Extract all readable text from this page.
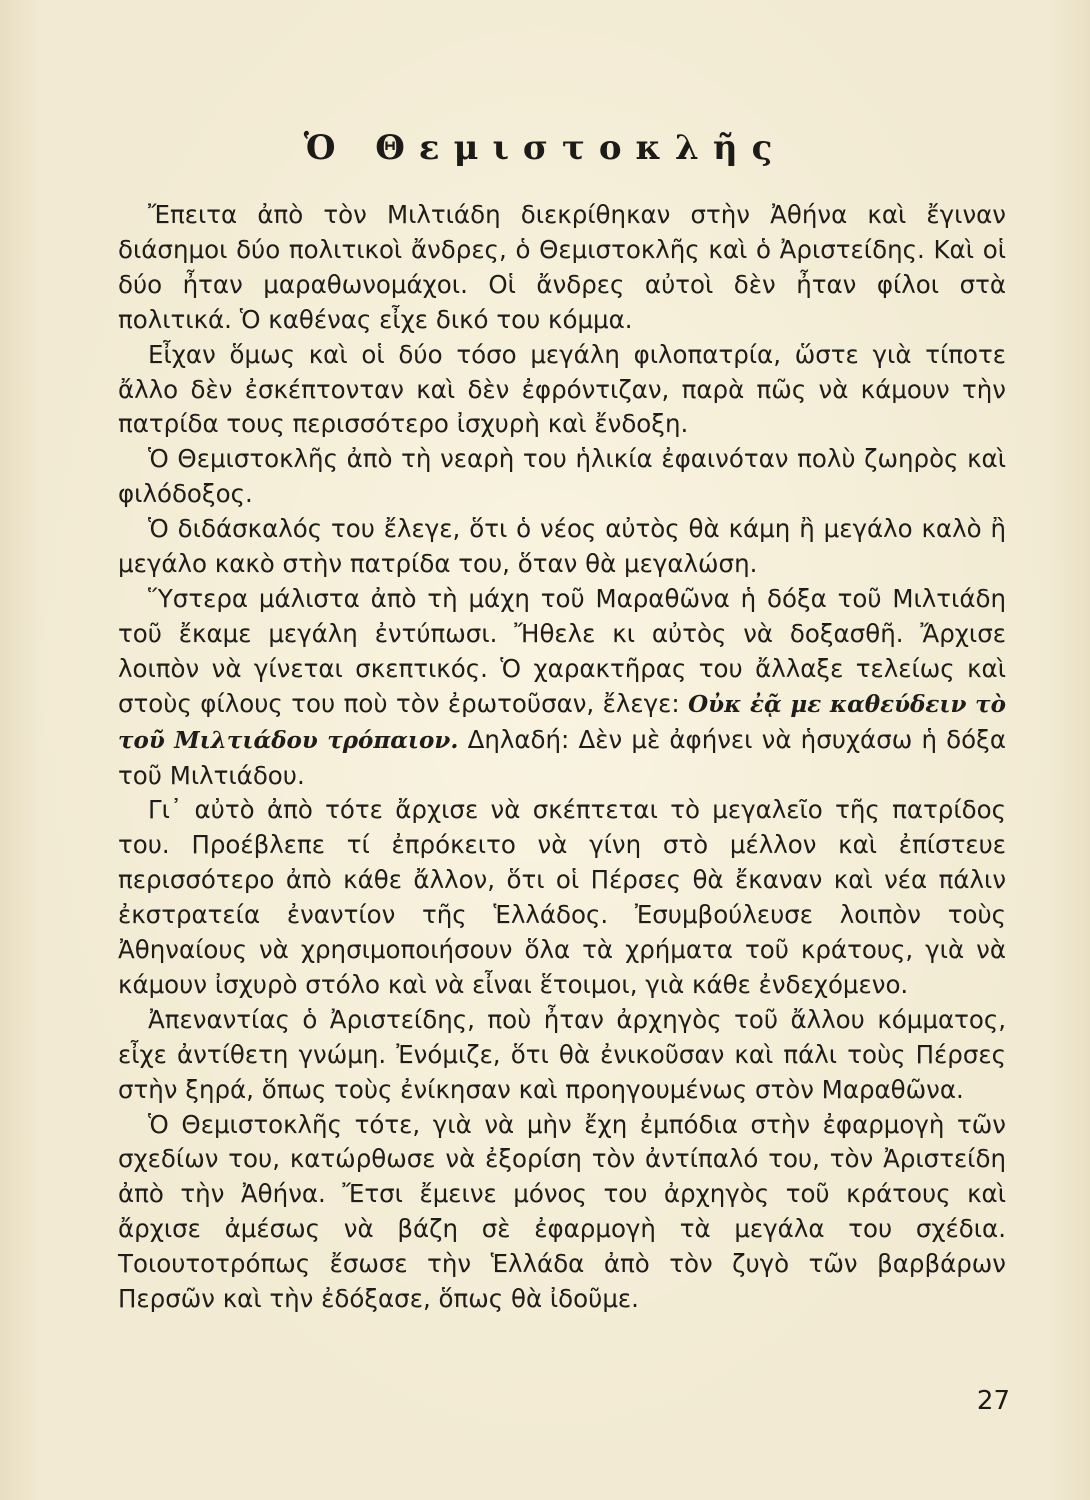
Ὁ Θεμιστοκλῆς

Ἔπειτα ἀπὸ τὸν Μιλτιάδη διεκρίθηκαν στὴν Ἀθήνα καὶ ἔγιναν διάσημοι δύο πολιτικοὶ ἄνδρες, ὁ Θεμιστοκλῆς καὶ ὁ Ἀριστείδης. Καὶ οἱ δύο ἦταν μαραθωνομάχοι. Οἱ ἄνδρες αὐτοὶ δὲν ἦταν φίλοι στὰ πολιτικά. Ὁ καθένας εἶχε δικό του κόμμα.

Εἶχαν ὅμως καὶ οἱ δύο τόσο μεγάλη φιλοπατρία, ὥστε γιὰ τίποτε ἄλλο δὲν ἐσκέπτονταν καὶ δὲν ἐφρόντιζαν, παρὰ πῶς νὰ κάμουν τὴν πατρίδα τους περισσότερο ἰσχυρὴ καὶ ἔνδοξη.

Ὁ Θεμιστοκλῆς ἀπὸ τὴ νεαρὴ του ἡλικία ἐφαινόταν πολὺ ζωηρὸς καὶ φιλόδοξος.

Ὁ διδάσκαλός του ἔλεγε, ὅτι ὁ νέος αὐτὸς θὰ κάμη ἢ μεγάλο καλὸ ἢ μεγάλο κακὸ στὴν πατρίδα του, ὅταν θὰ μεγαλώση.

Ὕστερα μάλιστα ἀπὸ τὴ μάχη τοῦ Μαραθῶνα ἡ δόξα τοῦ Μιλτιάδη τοῦ ἔκαμε μεγάλη ἐντύπωσι. Ἤθελε κι αὐτὸς νὰ δοξασθῆ. Ἄρχισε λοιπὸν νὰ γίνεται σκεπτικός. Ὁ χαρακτῆρας του ἄλλαξε τελείως καὶ στοὺς φίλους του ποὺ τὸν ἐρωτοῦσαν, ἔλεγε: Οὐκ ἐᾷ με καθεύδειν τὸ τοῦ Μιλτιάδου τρόπαιον. Δηλαδή: Δὲν μὲ ἀφήνει νὰ ἡσυχάσω ἡ δόξα τοῦ Μιλτιάδου.

Γι᾽ αὐτὸ ἀπὸ τότε ἄρχισε νὰ σκέπτεται τὸ μεγαλεῖο τῆς πατρίδος του. Προέβλεπε τί ἐπρόκειτο νὰ γίνη στὸ μέλλον καὶ ἐπίστευε περισσότερο ἀπὸ κάθε ἄλλον, ὅτι οἱ Πέρσες θὰ ἔκαναν καὶ νέα πάλιν ἐκστρατεία ἐναντίον τῆς Ἑλλάδος. Ἐσυμβούλευσε λοιπὸν τοὺς Ἀθηναίους νὰ χρησιμοποιήσουν ὅλα τὰ χρήματα τοῦ κράτους, γιὰ νὰ κάμουν ἰσχυρὸ στόλο καὶ νὰ εἶναι ἕτοιμοι, γιὰ κάθε ἐνδεχόμενο.

Ἀπεναντίας ὁ Ἀριστείδης, ποὺ ἦταν ἀρχηγὸς τοῦ ἄλλου κόμματος, εἶχε ἀντίθετη γνώμη. Ἐνόμιζε, ὅτι θὰ ἐνικοῦσαν καὶ πάλι τοὺς Πέρσες στὴν ξηρά, ὅπως τοὺς ἐνίκησαν καὶ προηγουμένως στὸν Μαραθῶνα.

Ὁ Θεμιστοκλῆς τότε, γιὰ νὰ μὴν ἔχη ἐμπόδια στὴν ἐφαρμογὴ τῶν σχεδίων του, κατώρθωσε νὰ ἐξορίση τὸν ἀντίπαλό του, τὸν Ἀριστείδη ἀπὸ τὴν Ἀθήνα. Ἔτσι ἔμεινε μόνος του ἀρχηγὸς τοῦ κράτους καὶ ἄρχισε ἀμέσως νὰ βάζη σὲ ἐφαρμογὴ τὰ μεγάλα του σχέδια. Τοιουτοτρόπως ἔσωσε τὴν Ἑλλάδα ἀπὸ τὸν ζυγὸ τῶν βαρβάρων Περσῶν καὶ τὴν ἐδόξασε, ὅπως θὰ ἰδοῦμε.

27
